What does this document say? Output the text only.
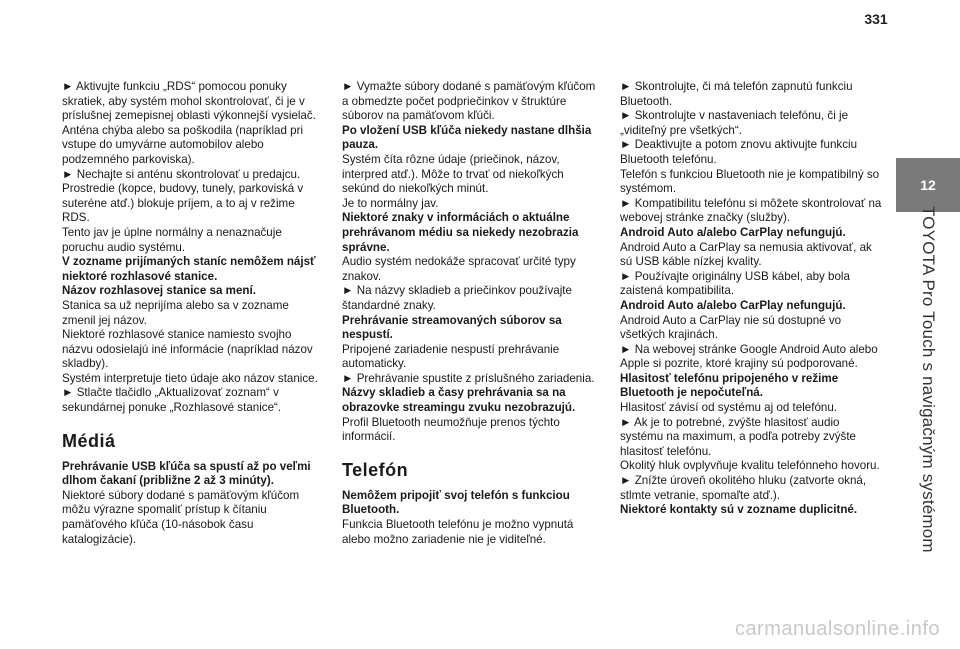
331

► Aktivujte funkciu „RDS“ pomocou ponuky skratiek, aby systém mohol skontrolovať, či je v príslušnej zemepisnej oblasti výkonnejší vysielač.

Anténa chýba alebo sa poškodila (napríklad pri vstupe do umyvárne automobilov alebo podzemného parkoviska).

► Nechajte si anténu skontrolovať u predajcu.

Prostredie (kopce, budovy, tunely, parkoviská v suteréne atď.) blokuje príjem, a to aj v režime RDS.

Tento jav je úplne normálny a nenaznačuje poruchu audio systému.

V zozname prijímaných staníc nemôžem nájsť niektoré rozhlasové stanice.

Názov rozhlasovej stanice sa mení.

Stanica sa už neprijíma alebo sa v zozname zmenil jej názov.

Niektoré rozhlasové stanice namiesto svojho názvu odosielajú iné informácie (napríklad názov skladby).

Systém interpretuje tieto údaje ako názov stanice.

► Stlačte tlačidlo „Aktualizovať zoznam“ v sekundárnej ponuke „Rozhlasové stanice“.

Médiá

Prehrávanie USB kľúča sa spustí až po veľmi dlhom čakaní (približne 2 až 3 minúty).

Niektoré súbory dodané s pamäťovým kľúčom môžu výrazne spomaliť prístup k čítaniu pamäťového kľúča (10-násobok času katalogizácie).

► Vymažte súbory dodané s pamäťovým kľúčom a obmedzte počet podpriečinkov v štruktúre súborov na pamäťovom kľúči.

Po vložení USB kľúča niekedy nastane dlhšia pauza.

Systém číta rôzne údaje (priečinok, názov, interpred atď.). Môže to trvať od niekoľkých sekúnd do niekoľkých minút.

Je to normálny jav.

Niektoré znaky v informáciách o aktuálne prehrávanom médiu sa niekedy nezobrazia správne.

Audio systém nedokáže spracovať určité typy znakov.

► Na názvy skladieb a priečinkov používajte štandardné znaky.

Prehrávanie streamovaných súborov sa nespustí.

Pripojené zariadenie nespustí prehrávanie automaticky.

► Prehrávanie spustite z príslušného zariadenia.

Názvy skladieb a časy prehrávania sa na obrazovke streamingu zvuku nezobrazujú.

Profil Bluetooth neumožňuje prenos týchto informácií.

Telefón

Nemôžem pripojiť svoj telefón s funkciou Bluetooth.

Funkcia Bluetooth telefónu je možno vypnutá alebo možno zariadenie nie je viditeľné.

► Skontrolujte, či má telefón zapnutú funkciu Bluetooth.

► Skontrolujte v nastaveniach telefónu, či je „viditeľný pre všetkých“.

► Deaktivujte a potom znovu aktivujte funkciu Bluetooth telefónu.

Telefón s funkciou Bluetooth nie je kompatibilný so systémom.

► Kompatibilitu telefónu si môžete skontrolovať na webovej stránke značky (služby).

Android Auto a/alebo CarPlay nefungujú.

Android Auto a CarPlay sa nemusia aktivovať, ak sú USB káble nízkej kvality.

► Používajte originálny USB kábel, aby bola zaistená kompatibilita.

Android Auto a/alebo CarPlay nefungujú.

Android Auto a CarPlay nie sú dostupné vo všetkých krajinách.

► Na webovej stránke Google Android Auto alebo Apple si pozrite, ktoré krajiny sú podporované.

Hlasitosť telefónu pripojeného v režime Bluetooth je nepočuteľná.

Hlasitosť závisí od systému aj od telefónu.

► Ak je to potrebné, zvýšte hlasitosť audio systému na maximum, a podľa potreby zvýšte hlasitosť telefónu.

Okolitý hluk ovplyvňuje kvalitu telefónneho hovoru.

► Znížte úroveň okolitého hluku (zatvorte okná, stlmte vetranie, spomaľte atď.).

Niektoré kontakty sú v zozname duplicitné.

12
TOYOTA Pro Touch s navigačným systémom
carmanualsonline.info
